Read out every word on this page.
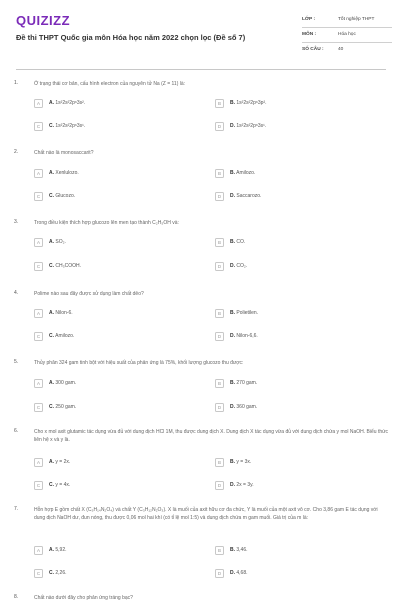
QUIZIZZ
Đề thi THPT Quốc gia môn Hóa học năm 2022 chọn lọc (Đề số 7)
LỚP :	Tốt nghiệp THPT
MÔN :	Hóa học
SỐ CÂU :	40
1.	Ở trạng thái cơ bản, cấu hình electron của nguyên tử Na (Z = 11) là:
A	A. 1s²2s²2p⁶3s².	B	B. 1s²2s²2p⁶3p².
C	C. 1s²2s²2p⁶3s¹.	D	D. 1s²2s²2p⁶3s¹.
2.	Chất nào là monosaccarit?
A	A. Xenlulozo.	B	B. Amilozo.
C	C. Glucozo.	D	D. Saccarozo.
3.	Trong điều kiện thích hợp glucozo lên men tạo thành C₂H₅OH và:
A	A. SO₂.	B	B. CO.
C	C. CH₃COOH.	D	D. CO₂.
4.	Polime nào sau đây được sử dụng làm chất dẻo?
A	A. Nilon-6.	B	B. Polietilen.
C	C. Amilozo.	D	D. Nilon-6,6.
5.	Thủy phân 324 gam tinh bột với hiệu suất của phản ứng là 75%, khối lượng glucozo thu được:
A	A. 300 gam.	B	B. 270 gam.
C	C. 250 gam.	D	D. 360 gam.
6.	Cho x mol axit glutamic tác dụng vừa đủ với dung dịch HCl 1M, thu được dung dịch X. Dung dịch X tác dụng vừa đủ với dung dịch chứa y mol NaOH. Biểu thức liên hệ x và y là.
A	A. y = 2x.	B	B. y = 3x.
C	C. y = 4x.	D	D. 2x = 3y.
7.	Hỗn hợp E gồm chất X (C₅H₁₄N₂O₄) và chất Y (C₃H₁₂N₂O₃). X là muối của axit hữu cơ đa chức, Y là muối của một axit vô cơ. Cho 3,86 gam E tác dụng với dung dịch NaOH dư, đun nóng, thu được 0,06 mol hai khí (có tỉ lệ mol 1:5) và dung dịch chứa m gam muối. Giá trị của m là:
A	A. 5,92.	B	B. 3,46.
C	C. 2,26.	D	D. 4,68.
8.	Chất nào dưới đây cho phản ứng tráng bạc?
